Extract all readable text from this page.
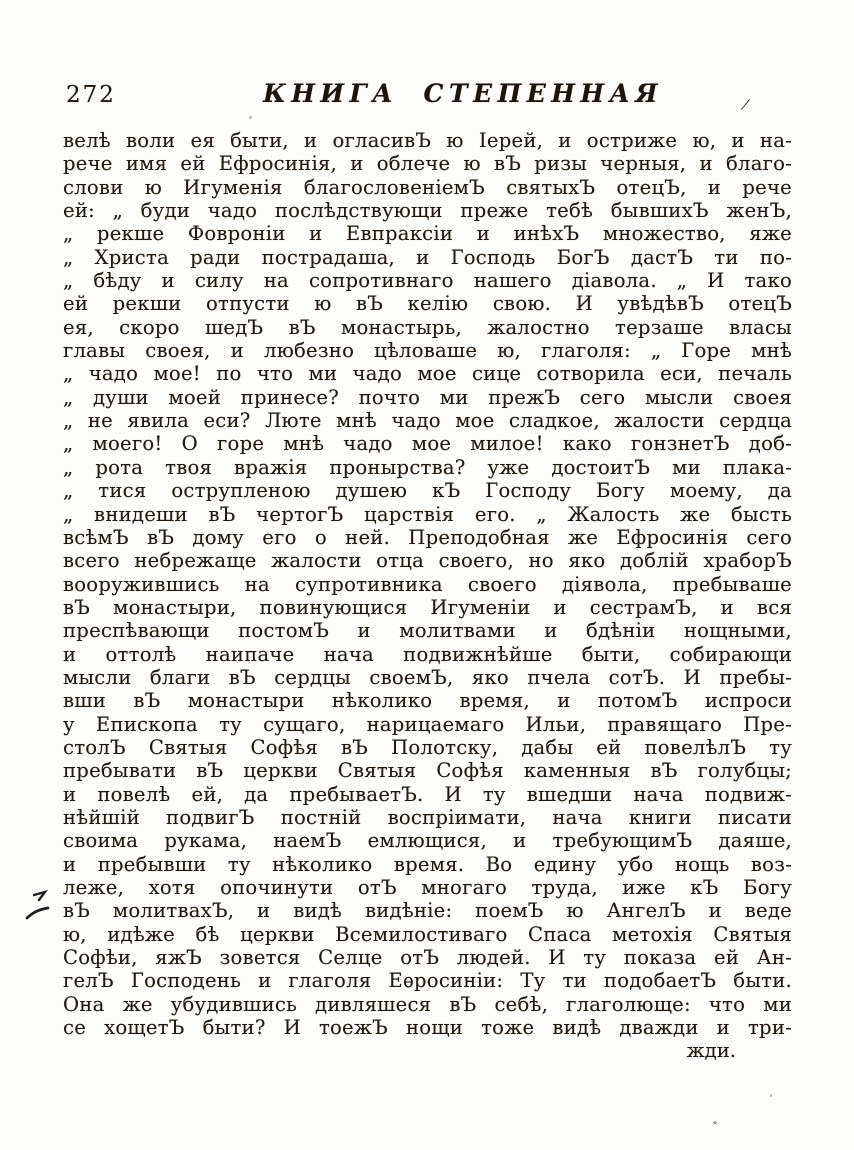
272	КНИГА СТЕПЕННАЯ
велѣ воли ея быти, и огласивЪ ю Іерей, и остриже ю, и на-
рече имя ей Ефросинія, и облече ю вЪ ризы черныя, и благо-
слови ю Игуменія благословеніемЪ святыхЪ отецЪ, и рече
ей: „ буди чадо послѣдствующи преже тебѣ бывшихЪ женЪ,
„ рекше Фовроніи и Евпраксіи и инѣхЪ множество, яже
„ Христа ради пострадаша, и Господь БогЪ дастЪ ти по-
„ бѣду и силу на сопротивнаго нашего діавола. „ И тако
ей рекши отпусти ю вЪ келію свою. И увѣдѣвЪ отецЪ
ея, скоро шедЪ вЪ монастырь, жалостно терзаше власы
главы своея, и любезно цѣловаше ю, глаголя: „ Горе мнѣ
„ чадо мое! по что ми чадо мое сице сотворила еси, печаль
„ души моей принесе? почто ми прежЪ сего мысли своея
„ не явила еси? Люте мнѣ чадо мое сладкое, жалости сердца
„ моего! О горе мнѣ чадо мое милое! како гонзнетЪ доб-
„ рота твоя вражія пронырства? уже достоитЪ ми плака-
„ тися острупленою душею кЪ Господу Богу моему, да
„ внидеши вЪ чертогЪ царствія его. „ Жалость же бысть
всѣмЪ вЪ дому его о ней. Преподобная же Ефросинія сего
всего небрежаще жалости отца своего, но яко доблій храборЪ
вооружившись на супротивника своего діявола, пребываше
вЪ монастыри, повинующися Игуменіи и сестрамЪ, и вся
преспѣвающи постомЪ и молитвами и бдѣніи нощными,
и оттолѣ наипаче нача подвижнѣйше быти, собирающи
мысли благи вЪ сердцы своемЪ, яко пчела сотЪ. И пребы-
вши вЪ монастыри нѣколико время, и потомЪ испроси
у Епископа ту сущаго, нарицаемаго Ильи, правящаго Пре-
столЪ Святыя Софѣя вЪ Полотску, дабы ей повелѣлЪ ту
пребывати вЪ церкви Святыя Софѣя каменныя вЪ голубцы;
и повелѣ ей, да пребываетЪ. И ту вшедши нача подвиж-
нѣйшій подвигЪ постній воспріимати, нача книги писати
своима рукама, наемЪ емлющися, и требующимЪ даяше,
и пребывши ту нѣколико время. Во едину убо нощь воз-
леже, хотя опочинути отЪ многаго труда, иже кЪ Богу
вЪ молитвахЪ, и видѣ видѣніе: поемЪ ю АнгелЪ и веде
ю, идѣже бѣ церкви Всемилостиваго Спаса метохія Святыя
Софѣи, яжЪ зовется Селце отЪ людей. И ту показа ей Ан-
гелЪ Господень и глаголя Еѳросиніи: Ту ти подобаетЪ быти.
Она же убудившись дивляшеся вЪ себѣ, глаголюще: что ми
се хощетЪ быти? И тоежЪ нощи тоже видѣ дважди и три-
жди.
⁄
٭
